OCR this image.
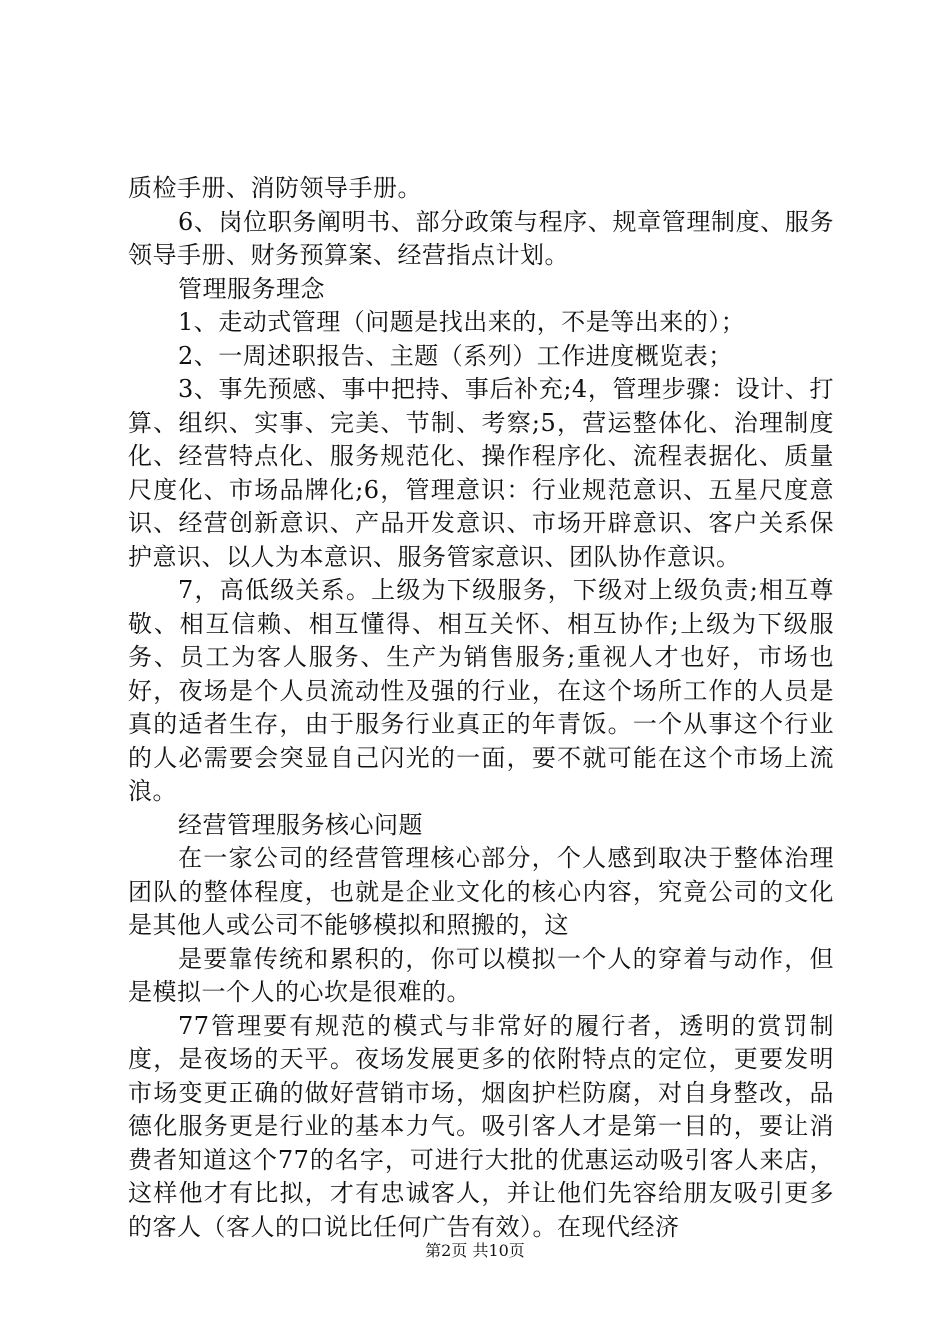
质检手册、消防领导手册。

6、岗位职务阐明书、部分政策与程序、规章管理制度、服务领导手册、财务预算案、经营指点计划。

管理服务理念

1、走动式管理（问题是找出来的，不是等出来的）；

2、一周述职报告、主题（系列）工作进度概览表；

3、事先预感、事中把持、事后补充;4，管理步骤：设计、打算、组织、实事、完美、节制、考察;5，营运整体化、治理制度化、经营特点化、服务规范化、操作程序化、流程表据化、质量尺度化、市场品牌化;6，管理意识：行业规范意识、五星尺度意识、经营创新意识、产品开发意识、市场开辟意识、客户关系保护意识、以人为本意识、服务管家意识、团队协作意识。

7，高低级关系。上级为下级服务，下级对上级负责;相互尊敬、相互信赖、相互懂得、相互关怀、相互协作;上级为下级服务、员工为客人服务、生产为销售服务;重视人才也好，市场也好，夜场是个人员流动性及强的行业，在这个场所工作的人员是真的适者生存，由于服务行业真正的年青饭。一个从事这个行业的人必需要会突显自己闪光的一面，要不就可能在这个市场上流浪。

经营管理服务核心问题

在一家公司的经营管理核心部分，个人感到取决于整体治理团队的整体程度，也就是企业文化的核心内容，究竟公司的文化是其他人或公司不能够模拟和照搬的，这

是要靠传统和累积的，你可以模拟一个人的穿着与动作，但是模拟一个人的心坎是很难的。

77管理要有规范的模式与非常好的履行者，透明的赏罚制度，是夜场的天平。夜场发展更多的依附特点的定位，更要发明市场变更正确的做好营销市场，烟囱护栏防腐，对自身整改，品德化服务更是行业的基本力气。吸引客人才是第一目的，要让消费者知道这个77的名字，可进行大批的优惠运动吸引客人来店，这样他才有比拟，才有忠诚客人，并让他们先容给朋友吸引更多的客人（客人的口说比任何广告有效）。在现代经济

第2页 共10页
